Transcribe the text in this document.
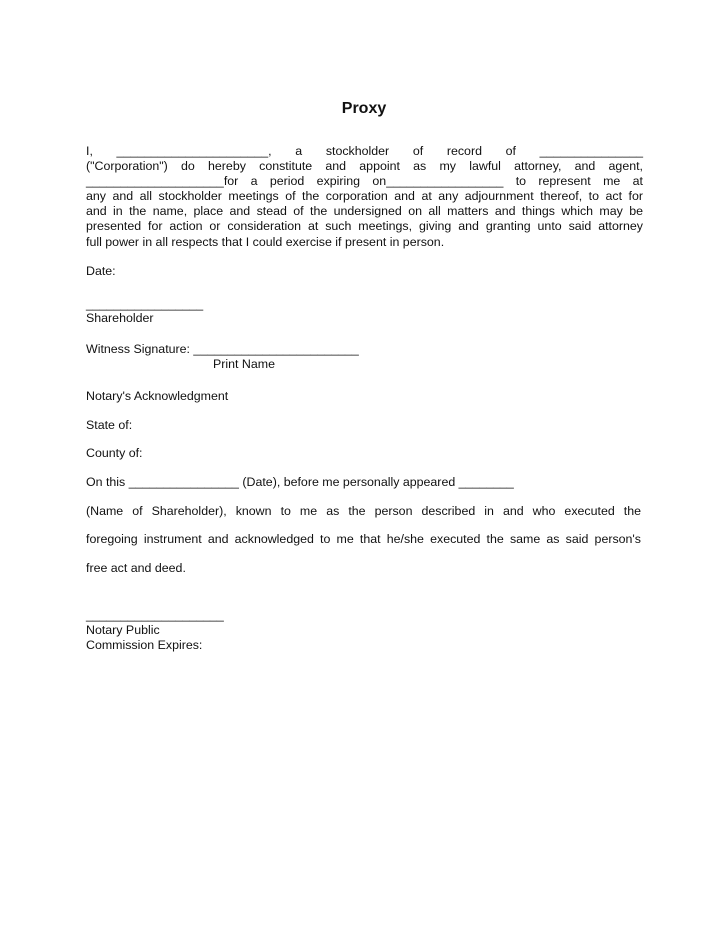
Proxy
I, ______________________, a stockholder of record of _______________
("Corporation") do hereby constitute and appoint as my lawful attorney, and agent,
____________________for a period expiring on_________________ to represent me at
any and all stockholder meetings of the corporation and at any adjournment thereof, to act for
and in the name, place and stead of the undersigned on all matters and things which may be
presented for action or consideration at such meetings, giving and granting unto said attorney
full power in all respects that I could exercise if present in person.
Date:
_________________
Shareholder
Witness Signature: ________________________
Print Name
Notary's Acknowledgment
State of:
County of:
On this ________________ (Date), before me personally appeared ________
(Name of Shareholder), known to me as the person described in and who executed the
foregoing instrument and acknowledged to me that he/she executed the same as said person's
free act and deed.
____________________
Notary Public
Commission Expires:
